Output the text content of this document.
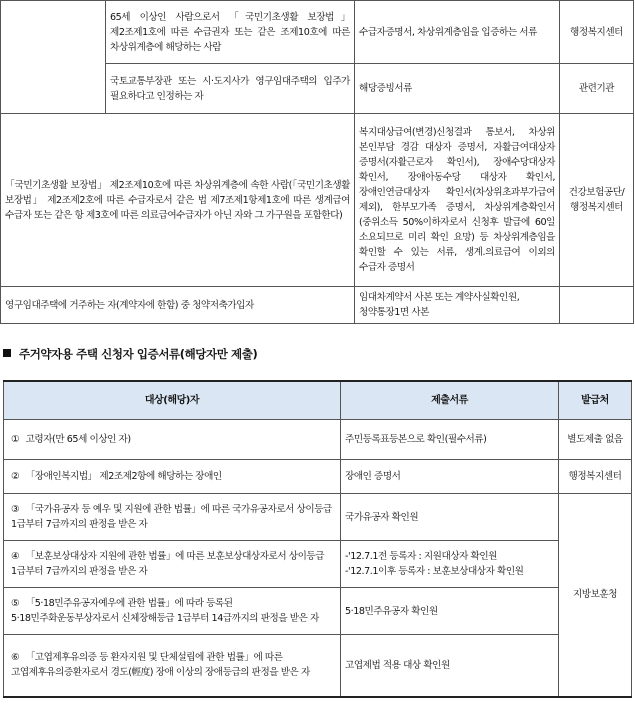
	65세 이상인 사람으로서 「국민기초생활 보장법」 제2조제1호에 따른 수급권자 또는 같은 조제10호에 따른 차상위계층에 해당하는 사람	수급자증명서, 차상위계층임을 입증하는 서류	행정복지센터
	국토교통부장관 또는 시·도지사가 영구임대주택의 입주가 필요하다고 인정하는 자	해당증빙서류	관련기관
「국민기초생활 보장법」 제2조제10호에 따른 차상위계층에 속한 사람(「국민기초생활 보장법」 제2조제2호에 따른 수급자로서 같은 법 제7조제1항제1호에 따른 생계급여 수급자 또는 같은 항 제3호에 따른 의료급여수급자가 아닌 자와 그 가구원을 포함한다)		복지대상급여(변경)신청결과 통보서, 차상위 본인부담 경감 대상자 증명서, 자활급여대상자 증명서(자활근로자 확인서), 장애수당대상자 확인서, 장애아동수당 대상자 확인서, 장애인연금대상자 확인서(차상위초과부가급여 제외), 한부모가족 증명서, 차상위계층확인서(중위소득 50%이하자로서 신청후 발급에 60일 소요되므로 미리 확인 요망) 등 차상위계층임을 확인할 수 있는 서류, 생계.의료급여 이외의 수급자 증명서	건강보험공단/행정복지센터
영구임대주택에 거주하는 자(계약자에 한함) 중 청약저축가입자		임대차계약서 사본 또는 계약사실확인원, 청약통장1면 사본	
주거약자용 주택 신청자 입증서류(해당자만 제출)
대상(해당)자	제출서류	발급처
① 고령자(만 65세 이상인 자)	주민등록표등본으로 확인(필수서류)	별도제출 없음
② 「장애인복지법」 제2조제2항에 해당하는 장애인	장애인 증명서	행정복지센터
③ 「국가유공자 등 예우 및 지원에 관한 법률」에 따른 국가유공자로서 상이등급 1급부터 7급까지의 판정을 받은 자	국가유공자 확인원	지방보훈청
④ 「보훈보상대상자 지원에 관한 법률」에 따른 보훈보상대상자로서 상이등급 1급부터 7급까지의 판정을 받은 자	-'12.7.1전 등록자 : 지원대상자 확인원
-'12.7.1이후 등록자 : 보훈보상대상자 확인원	

⑤ 「5·18민주유공자예우에 관한 법률」에 따라 등록된 5·18민주화운동부상자로서 신체장해등급 1급부터 14급까지의 판정을 받은 자	5·18민주유공자 확인원	
⑥ 「고엽제후유의증 등 환자지원 및 단체설립에 관한 법률」에 따른 고엽제후유의증환자로서 경도(輕度) 장애 이상의 장애등급의 판정을 받은 자	고엽제법 적용 대상 확인원	
